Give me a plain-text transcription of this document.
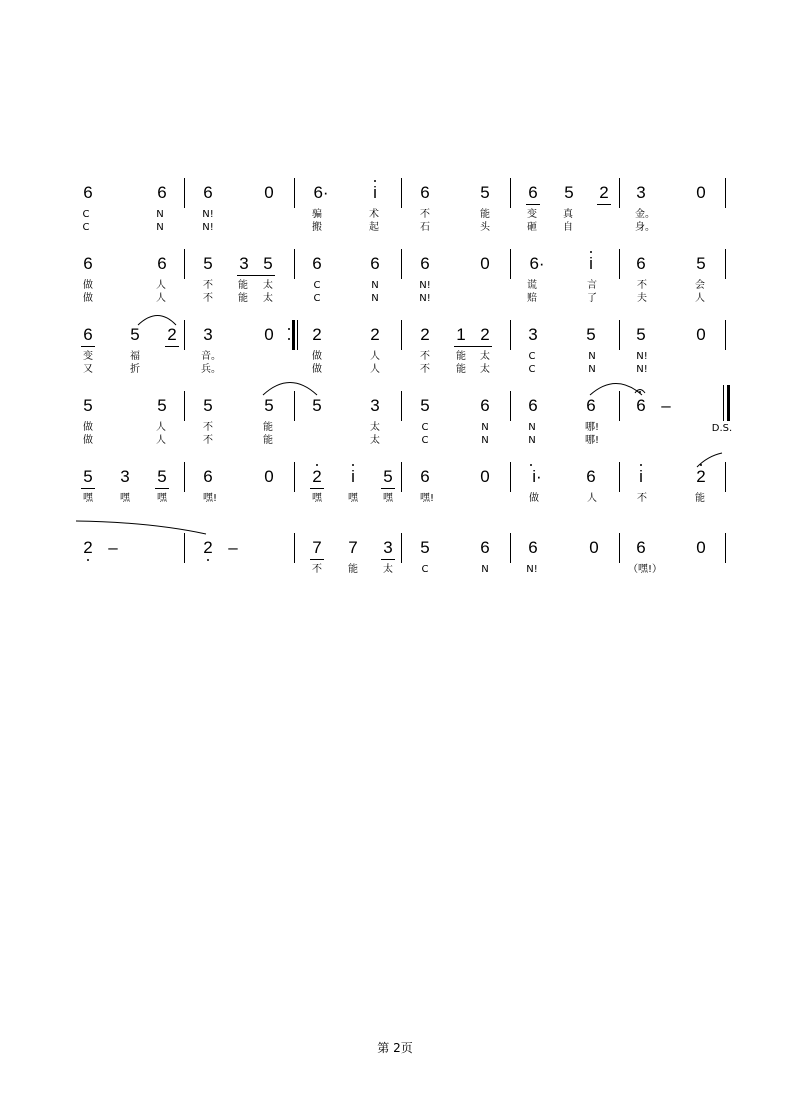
6	6 6	0 6·	i	6	5 6 5 2 3	0
C	N	N!	骗	术	不	能	变	真	金。
C	N	N!	搬	起	石	头	砸	自	身。
6	6 5 3 5 6	6 6	0 6·	i	6	5
做	人	不	能	太	C	N	N!	谎	言	不	会
做	人	不	能	太	C	N	N!	赔	了	夫	人
6 5 2 3	0 2	2 2 1 2 3	5 5	0
变	福	音。	做	人	不	能	太	C	N	N!
又	折	兵。	做	人	不	能	太	C	N	N!
5	5 5	5 5	3 5	6 6	6 6 –
做	人	不	能	太	C	N	N	哪!
做	人	不	能	太	C	N	N	哪!
D.S.
5 3 5 6	0 2	i	5 6	0	i·	6	i	2
嘿	嘿	嘿	嘿!	嘿	嘿	嘿	嘿!	做	人	不	能
2 –	2 –	7 7 3 5	6 6	0 6	0
不	能	太	C	N	N!	（嘿!）
第 2页
